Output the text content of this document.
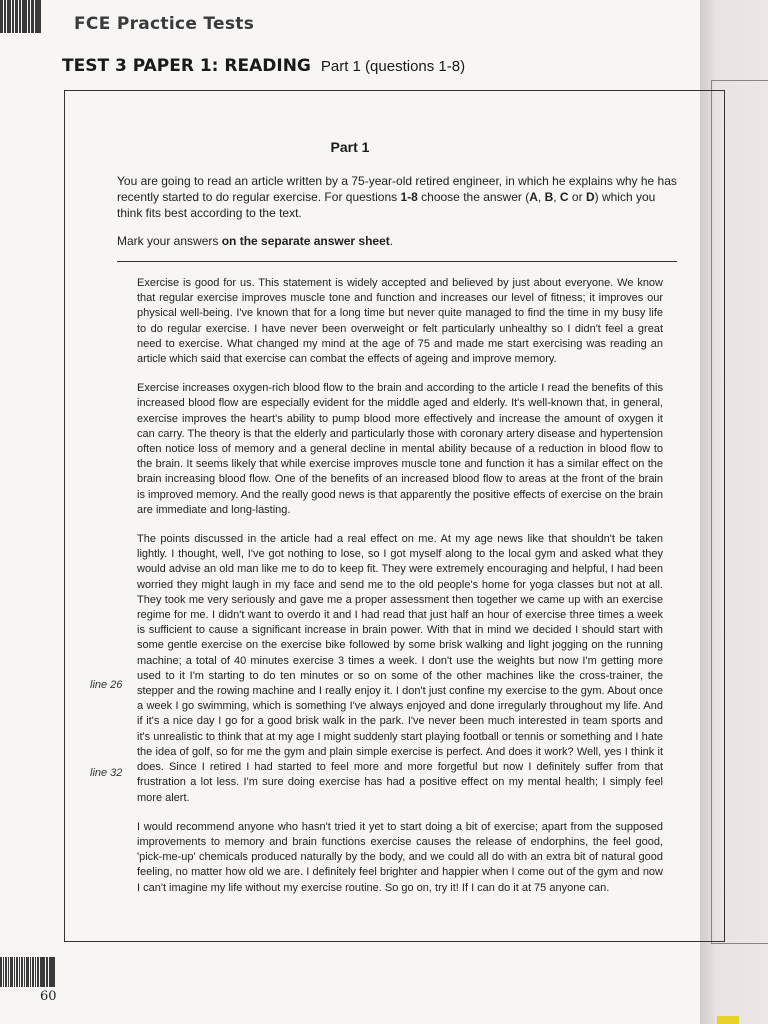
FCE Practice Tests
TEST 3 PAPER 1: READING Part 1 (questions 1-8)
Part 1
You are going to read an article written by a 75-year-old retired engineer, in which he explains why he has recently started to do regular exercise. For questions 1-8 choose the answer (A, B, C or D) which you think fits best according to the text.
Mark your answers on the separate answer sheet.

Exercise is good for us. This statement is widely accepted and believed by just about everyone. We know that regular exercise improves muscle tone and function and increases our level of fitness; it improves our physical well-being. I've known that for a long time but never quite managed to find the time in my busy life to do regular exercise. I have never been overweight or felt particularly unhealthy so I didn't feel a great need to exercise. What changed my mind at the age of 75 and made me start exercising was reading an article which said that exercise can combat the effects of ageing and improve memory.

Exercise increases oxygen-rich blood flow to the brain and according to the article I read the benefits of this increased blood flow are especially evident for the middle aged and elderly. It's well-known that, in general, exercise improves the heart's ability to pump blood more effectively and increase the amount of oxygen it can carry. The theory is that the elderly and particularly those with coronary artery disease and hypertension often notice loss of memory and a general decline in mental ability because of a reduction in blood flow to the brain. It seems likely that while exercise improves muscle tone and function it has a similar effect on the brain increasing blood flow. One of the benefits of an increased blood flow to areas at the front of the brain is improved memory. And the really good news is that apparently the positive effects of exercise on the brain are immediate and long-lasting.

The points discussed in the article had a real effect on me. At my age news like that shouldn't be taken lightly. I thought, well, I've got nothing to lose, so I got myself along to the local gym and asked what they would advise an old man like me to do to keep fit. They were extremely encouraging and helpful, I had been worried they might laugh in my face and send me to the old people's home for yoga classes but not at all. They took me very seriously and gave me a proper assessment then together we came up with an exercise regime for me. I didn't want to overdo it and I had read that just half an hour of exercise three times a week is sufficient to cause a significant increase in brain power. With that in mind we decided I should start with some gentle exercise on the exercise bike followed by some brisk walking and light jogging on the running machine; a total of 40 minutes exercise 3 times a week. I don't use the weights but now I'm getting more used to it I'm starting to do ten minutes or so on some of the other machines like the cross-trainer, the stepper and the rowing machine and I really enjoy it. I don't just confine my exercise to the gym. About once a week I go swimming, which is something I've always enjoyed and done irregularly throughout my life. And if it's a nice day I go for a good brisk walk in the park. I've never been much interested in team sports and it's unrealistic to think that at my age I might suddenly start playing football or tennis or something and I hate the idea of golf, so for me the gym and plain simple exercise is perfect. And does it work? Well, yes I think it does. Since I retired I had started to feel more and more forgetful but now I definitely suffer from that frustration a lot less. I'm sure doing exercise has had a positive effect on my mental health; I simply feel more alert.

I would recommend anyone who hasn't tried it yet to start doing a bit of exercise; apart from the supposed improvements to memory and brain functions exercise causes the release of endorphins, the feel good, 'pick-me-up' chemicals produced naturally by the body, and we could all do with an extra bit of natural good feeling, no matter how old we are. I definitely feel brighter and happier when I come out of the gym and now I can't imagine my life without my exercise routine. So go on, try it! If I can do it at 75 anyone can.

line 26
line 32
60
